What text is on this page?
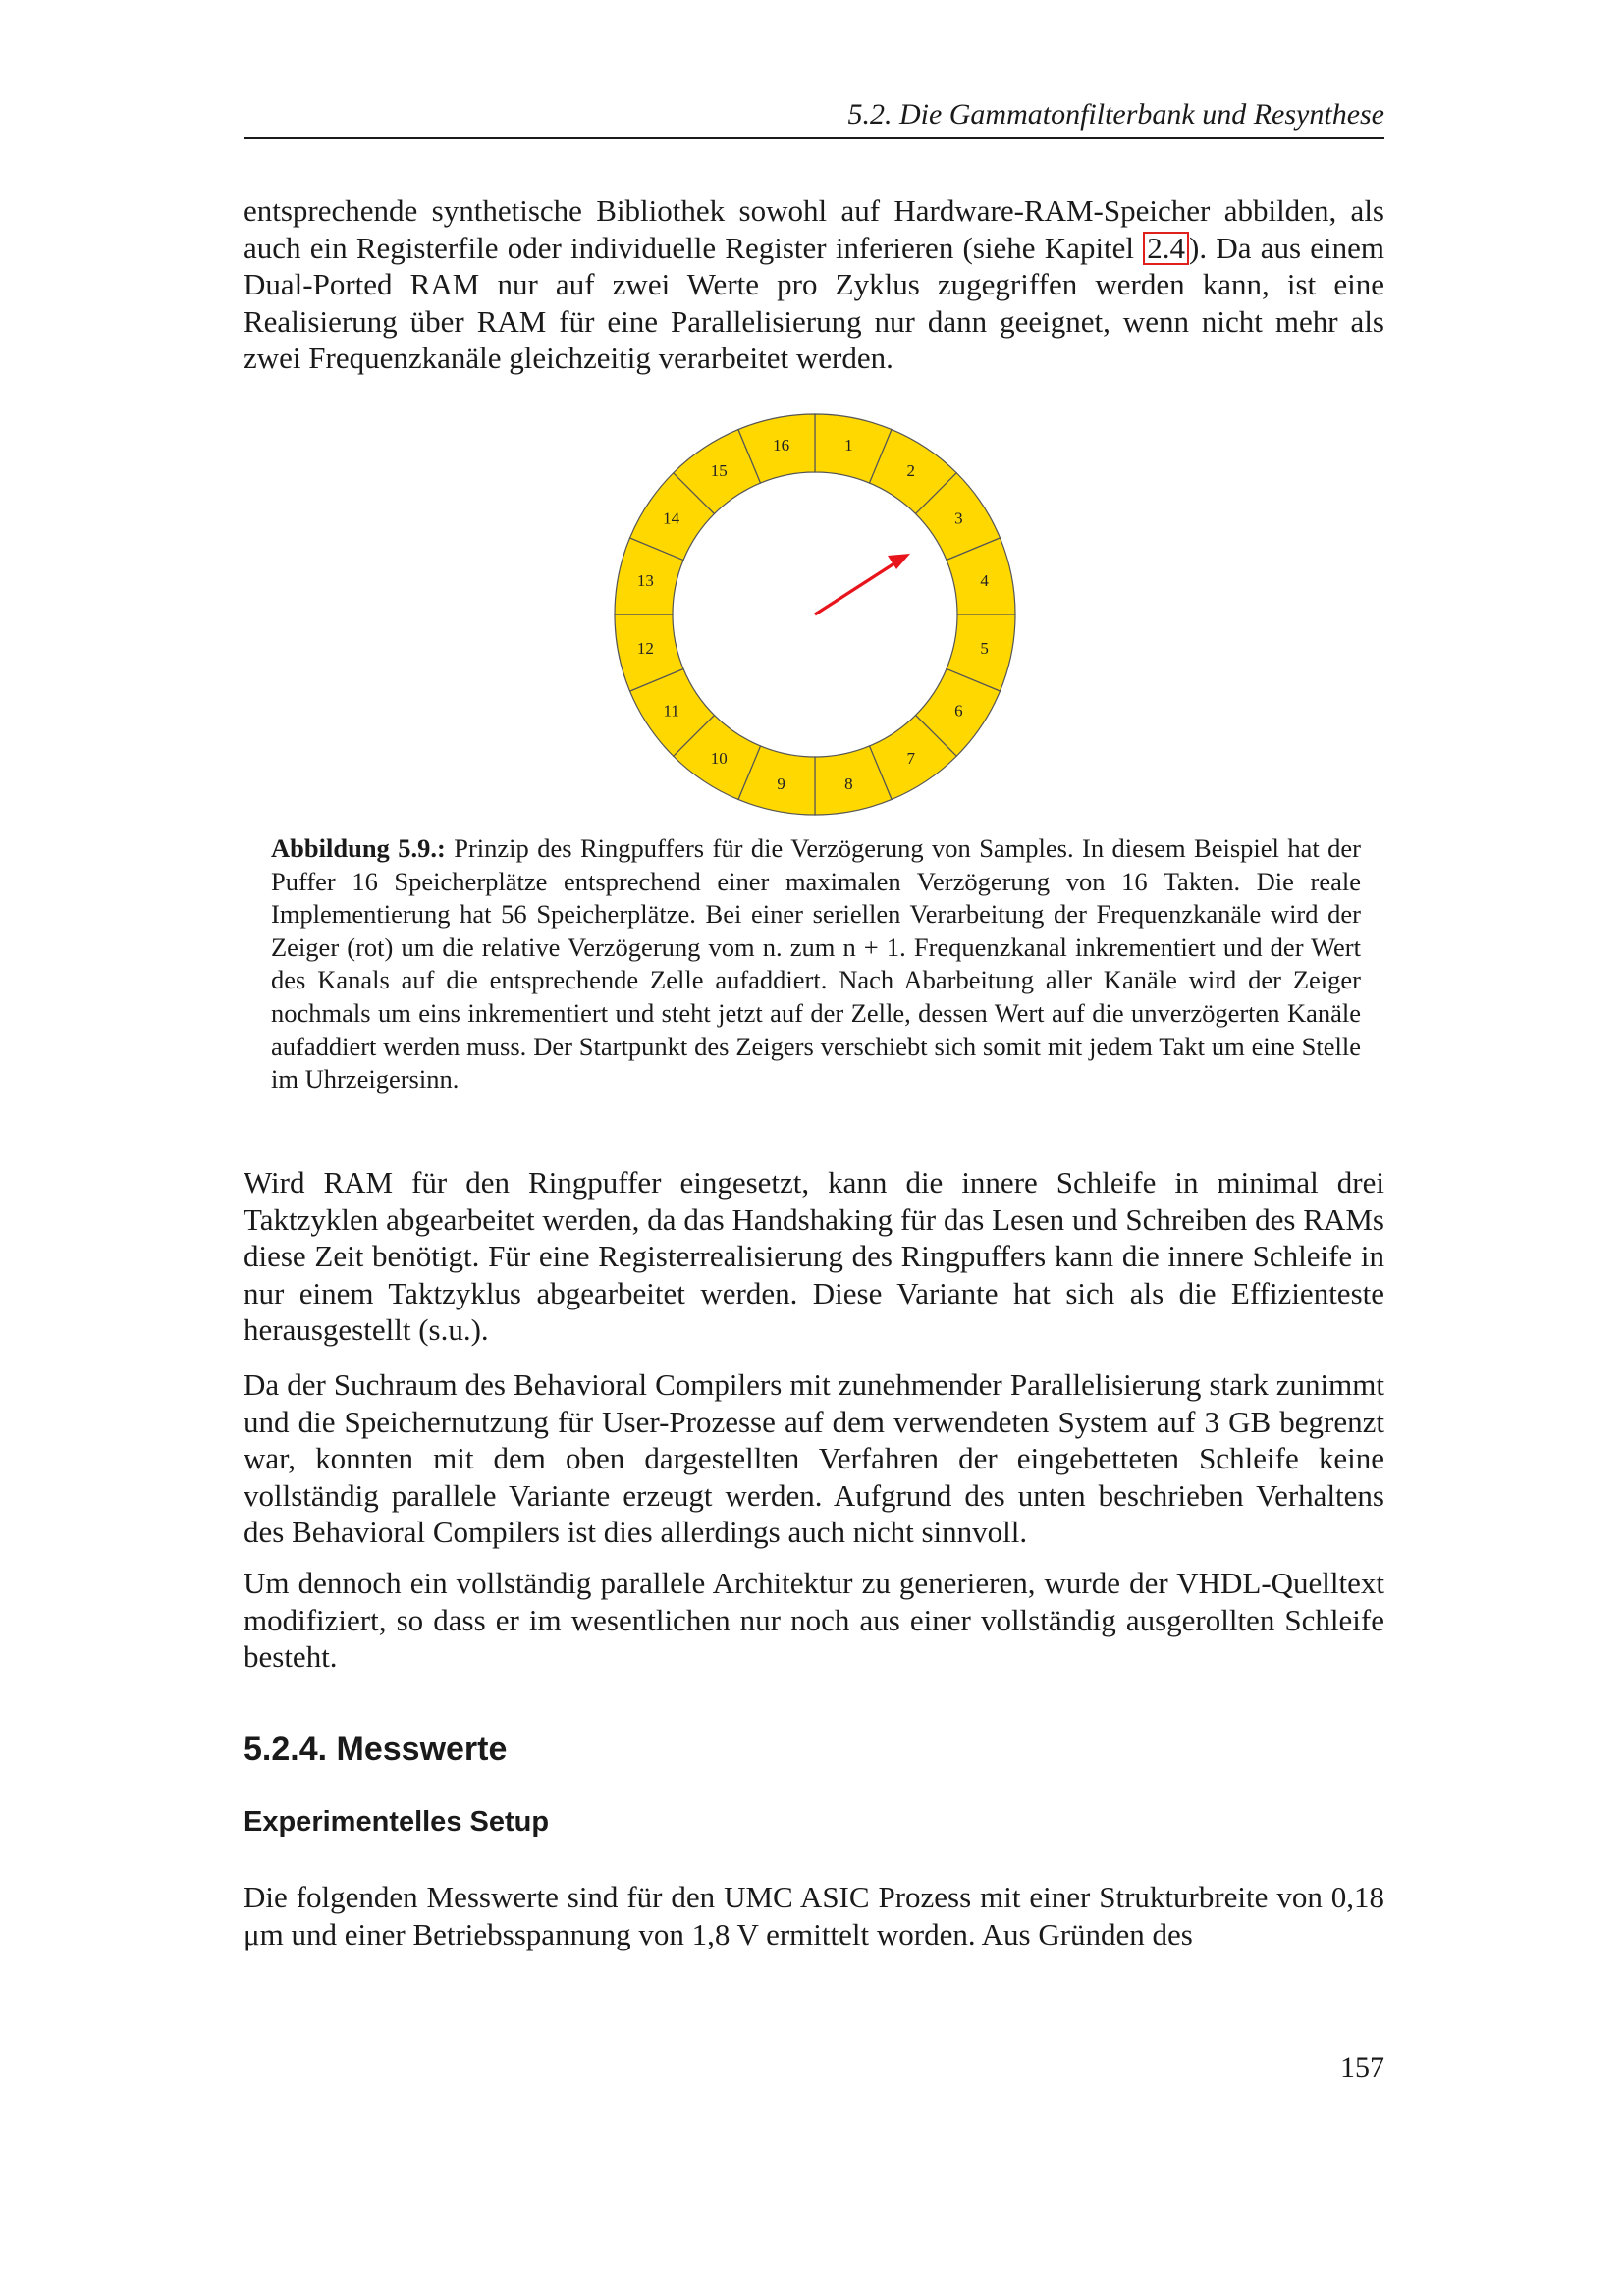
5.2. Die Gammatonfilterbank und Resynthese

entsprechende synthetische Bibliothek sowohl auf Hardware-RAM-Speicher abbilden, als auch ein Registerfile oder individuelle Register inferieren (siehe Kapitel 2.4 ). Da aus einem Dual-Ported RAM nur auf zwei Werte pro Zyklus zugegriffen werden kann, ist eine Realisierung über RAM für eine Parallelisierung nur dann geeignet, wenn nicht mehr als zwei Frequenzkanäle gleichzeitig verarbeitet werden.

1
2
3
4
5
6
7
8
9
10
11
12
13
14
15
16

Abbildung 5.9.: Prinzip des Ringpuffers für die Verzögerung von Samples. In diesem Beispiel hat der Puffer 16 Speicherplätze entsprechend einer maximalen Verzögerung von 16 Takten. Die reale Implementierung hat 56 Speicherplätze. Bei einer seriellen Verarbeitung der Frequenzkanäle wird der Zeiger (rot) um die relative Verzögerung vom n. zum n + 1. Frequenzkanal inkrementiert und der Wert des Kanals auf die entsprechende Zelle aufaddiert. Nach Abarbeitung aller Kanäle wird der Zeiger nochmals um eins inkrementiert und steht jetzt auf der Zelle, dessen Wert auf die unverzögerten Kanäle aufaddiert werden muss. Der Startpunkt des Zeigers verschiebt sich somit mit jedem Takt um eine Stelle im Uhrzeigersinn.

Wird RAM für den Ringpuffer eingesetzt, kann die innere Schleife in minimal drei Taktzyklen abgearbeitet werden, da das Handshaking für das Lesen und Schreiben des RAMs diese Zeit benötigt. Für eine Registerrealisierung des Ringpuffers kann die innere Schleife in nur einem Taktzyklus abgearbeitet werden. Diese Variante hat sich als die Effizienteste herausgestellt (s.u.).

Da der Suchraum des Behavioral Compilers mit zunehmender Parallelisierung stark zunimmt und die Speichernutzung für User-Prozesse auf dem verwendeten System auf 3 GB begrenzt war, konnten mit dem oben dargestellten Verfahren der eingebetteten Schleife keine vollständig parallele Variante erzeugt werden. Aufgrund des unten beschrieben Verhaltens des Behavioral Compilers ist dies allerdings auch nicht sinnvoll.

Um dennoch ein vollständig parallele Architektur zu generieren, wurde der VHDL-Quelltext modifiziert, so dass er im wesentlichen nur noch aus einer vollständig ausgerollten Schleife besteht.

5.2.4. Messwerte
Experimentelles Setup

Die folgenden Messwerte sind für den UMC ASIC Prozess mit einer Strukturbreite von 0,18 μm und einer Betriebsspannung von 1,8 V ermittelt worden. Aus Gründen des

157
